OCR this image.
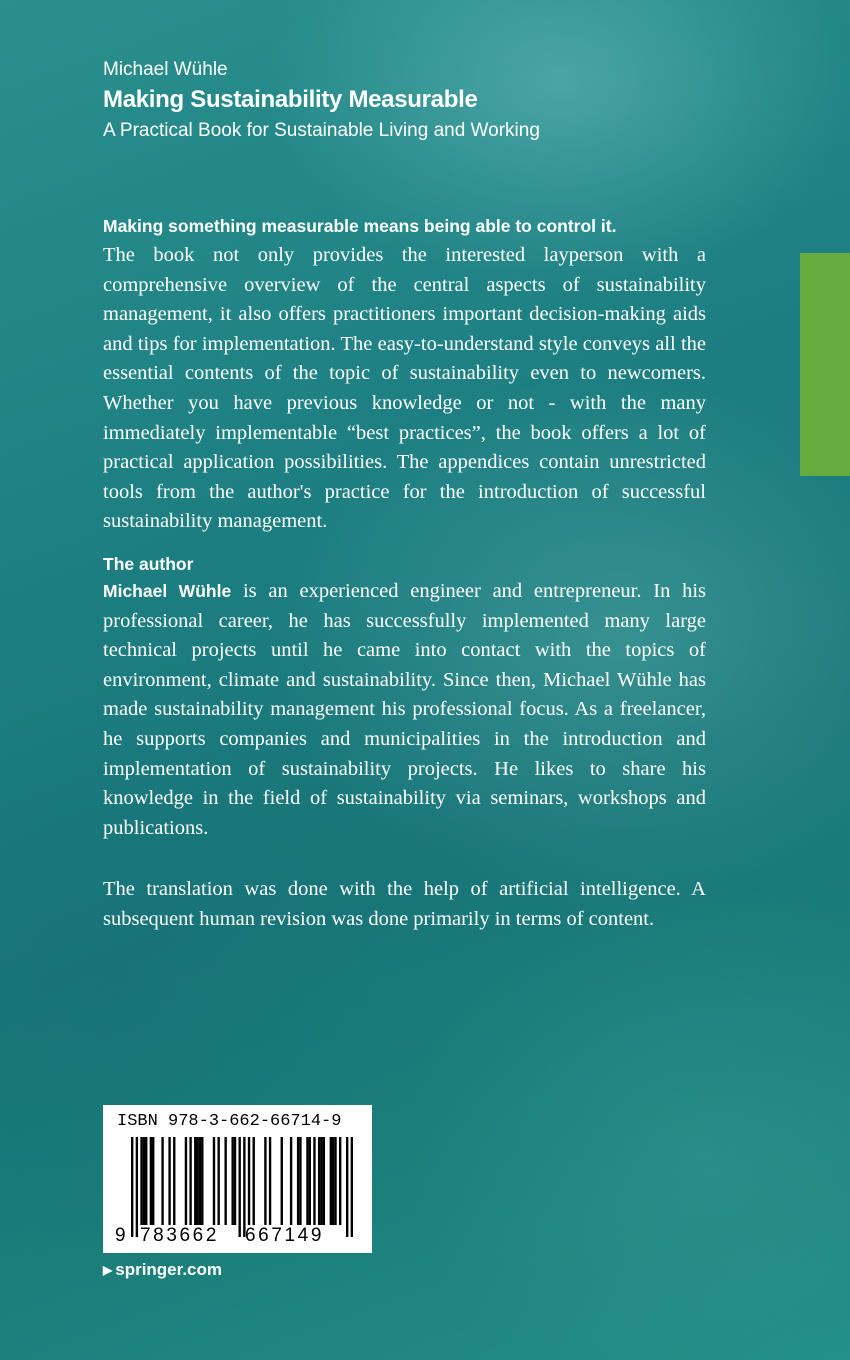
Michael Wühle
Making Sustainability Measurable
A Practical Book for Sustainable Living and Working
Making something measurable means being able to control it.

The book not only provides the interested layperson with a comprehensive overview of the central aspects of sustainability management, it also offers practitioners important decision-making aids and tips for implementation. The easy-to-understand style conveys all the essential contents of the topic of sustainability even to newcomers. Whether you have previous knowledge or not - with the many immediately implementable “best practices”, the book offers a lot of practical application possibilities. The appendices contain unrestricted tools from the author's practice for the introduction of successful sustainability management.

The author

Michael Wühle is an experienced engineer and entrepreneur. In his professional career, he has successfully implemented many large technical projects until he came into contact with the topics of environment, climate and sustainability. Since then, Michael Wühle has made sustainability management his professional focus. As a freelancer, he supports companies and municipalities in the introduction and implementation of sustainability projects. He likes to share his knowledge in the field of sustainability via seminars, workshops and publications.

The translation was done with the help of artificial intelligence. A subsequent human revision was done primarily in terms of content.

ISBN 978-3-662-66714-9
9 783662 667149
▶ springer.com
